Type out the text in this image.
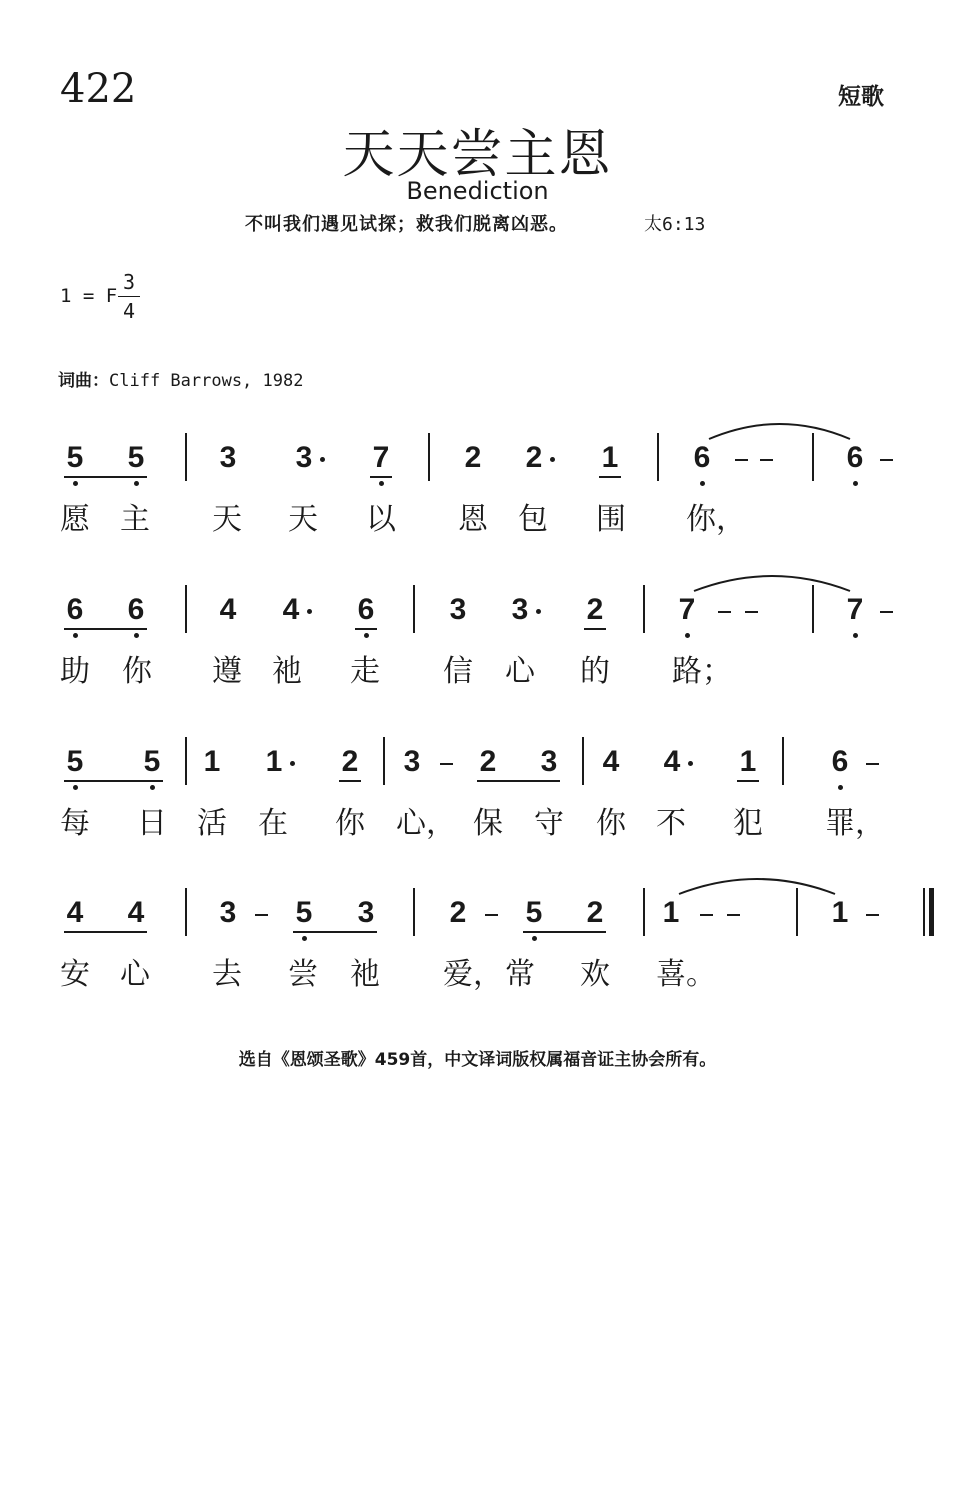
422	短歌
天天尝主恩
Benediction
不叫我们遇见试探；救我们脱离凶恶。	太6:13
1 = F
3
4
词曲：Cliff Barrows, 1982
5 5	3 3 7	2 2 1	6	6
愿 主 天 天 以 恩 包 围 你，
6 6	4 4 6	3 3 2	7	7
助 你 遵 祂 走 信 心 的 路；
5 5 1 1 2 3 2 3 4 4 1	6
每 日 活 在 你 心， 保 守 你 不 犯 罪，
4 4	3 5 3	2 5 2 1	1
安 心 去 尝 祂 爱， 常 欢 喜。
选自《恩颂圣歌》459首，中文译词版权属福音证主协会所有。
